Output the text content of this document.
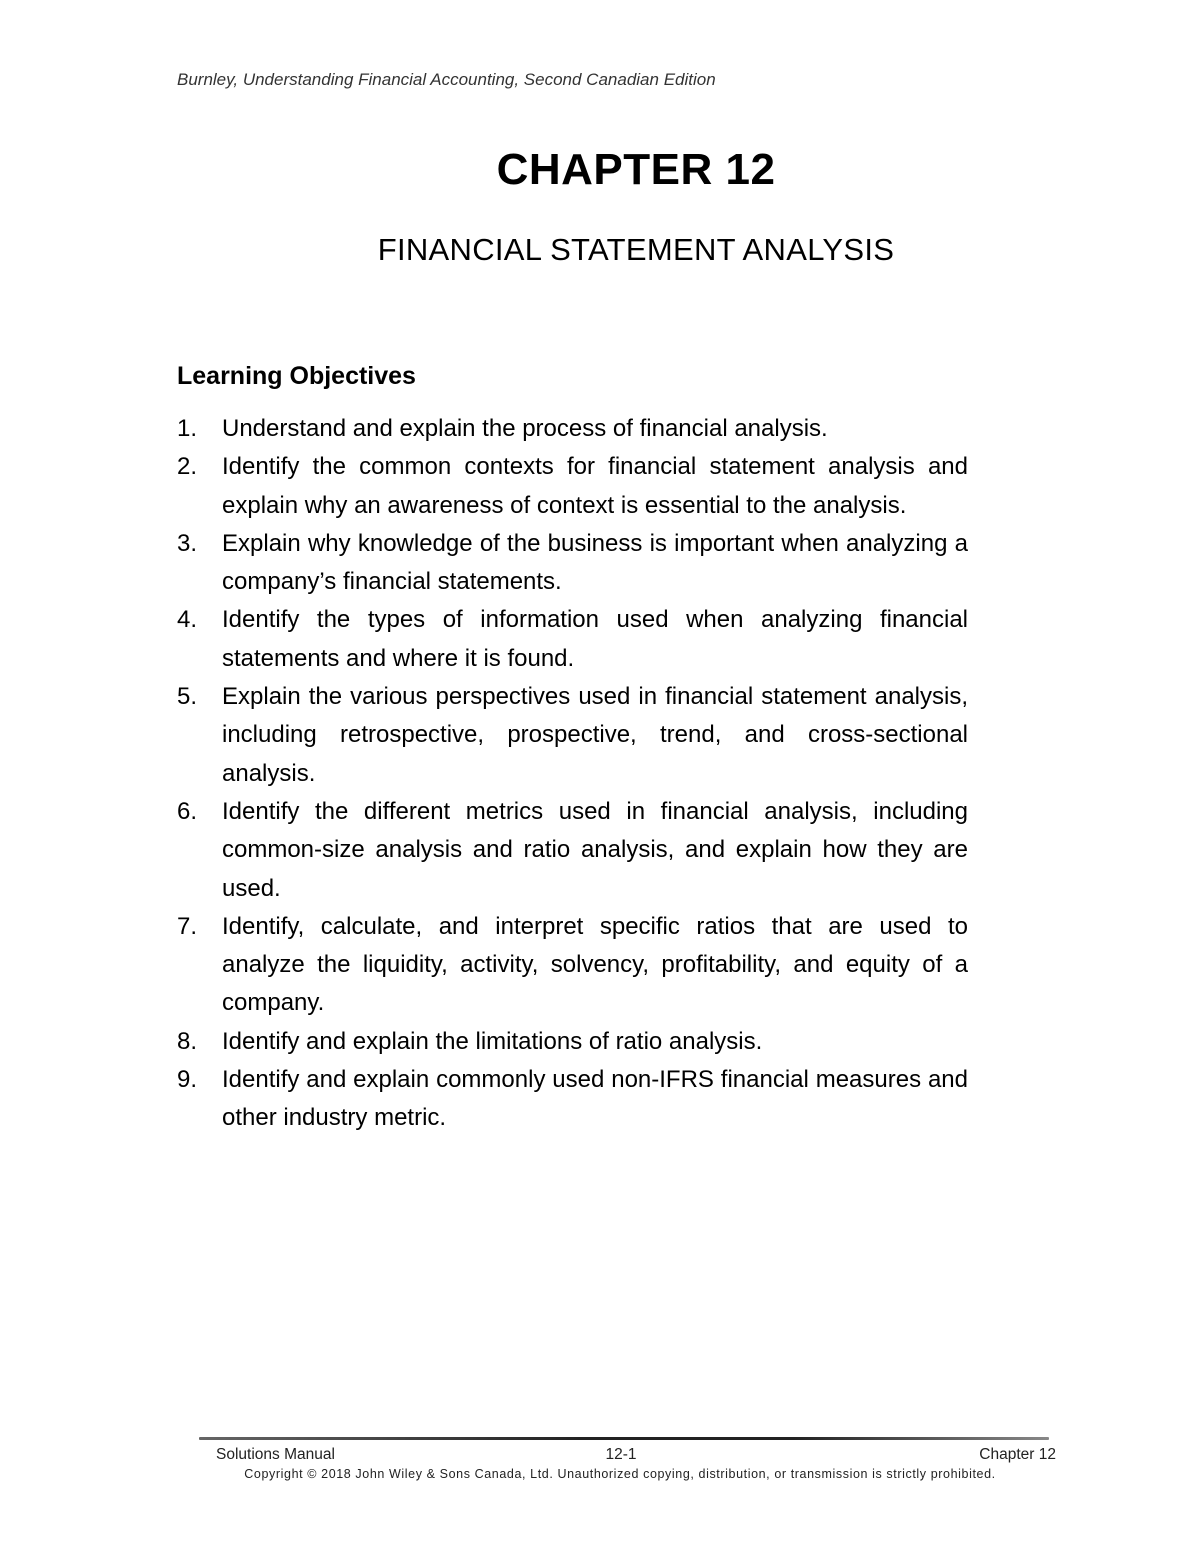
Burnley, Understanding Financial Accounting, Second Canadian Edition

CHAPTER 12
FINANCIAL STATEMENT ANALYSIS
Learning Objectives
1.	Understand and explain the process of financial analysis.
2.	Identify the common contexts for financial statement analysis and explain why an awareness of context is essential to the analysis.
3.	Explain why knowledge of the business is important when analyzing a company’s financial statements.
4.	Identify the types of information used when analyzing financial statements and where it is found.
5.	Explain the various perspectives used in financial statement analysis, including retrospective, prospective, trend, and cross-sectional analysis.
6.	Identify the different metrics used in financial analysis, including common-size analysis and ratio analysis, and explain how they are used.
7.	Identify, calculate, and interpret specific ratios that are used to analyze the liquidity, activity, solvency, profitability, and equity of a company.
8.	Identify and explain the limitations of ratio analysis.
9.	Identify and explain commonly used non-IFRS financial measures and other industry metric.
Solutions Manual	12-1	Chapter 12
Copyright © 2018 John Wiley & Sons Canada, Ltd. Unauthorized copying, distribution, or transmission is strictly prohibited.
